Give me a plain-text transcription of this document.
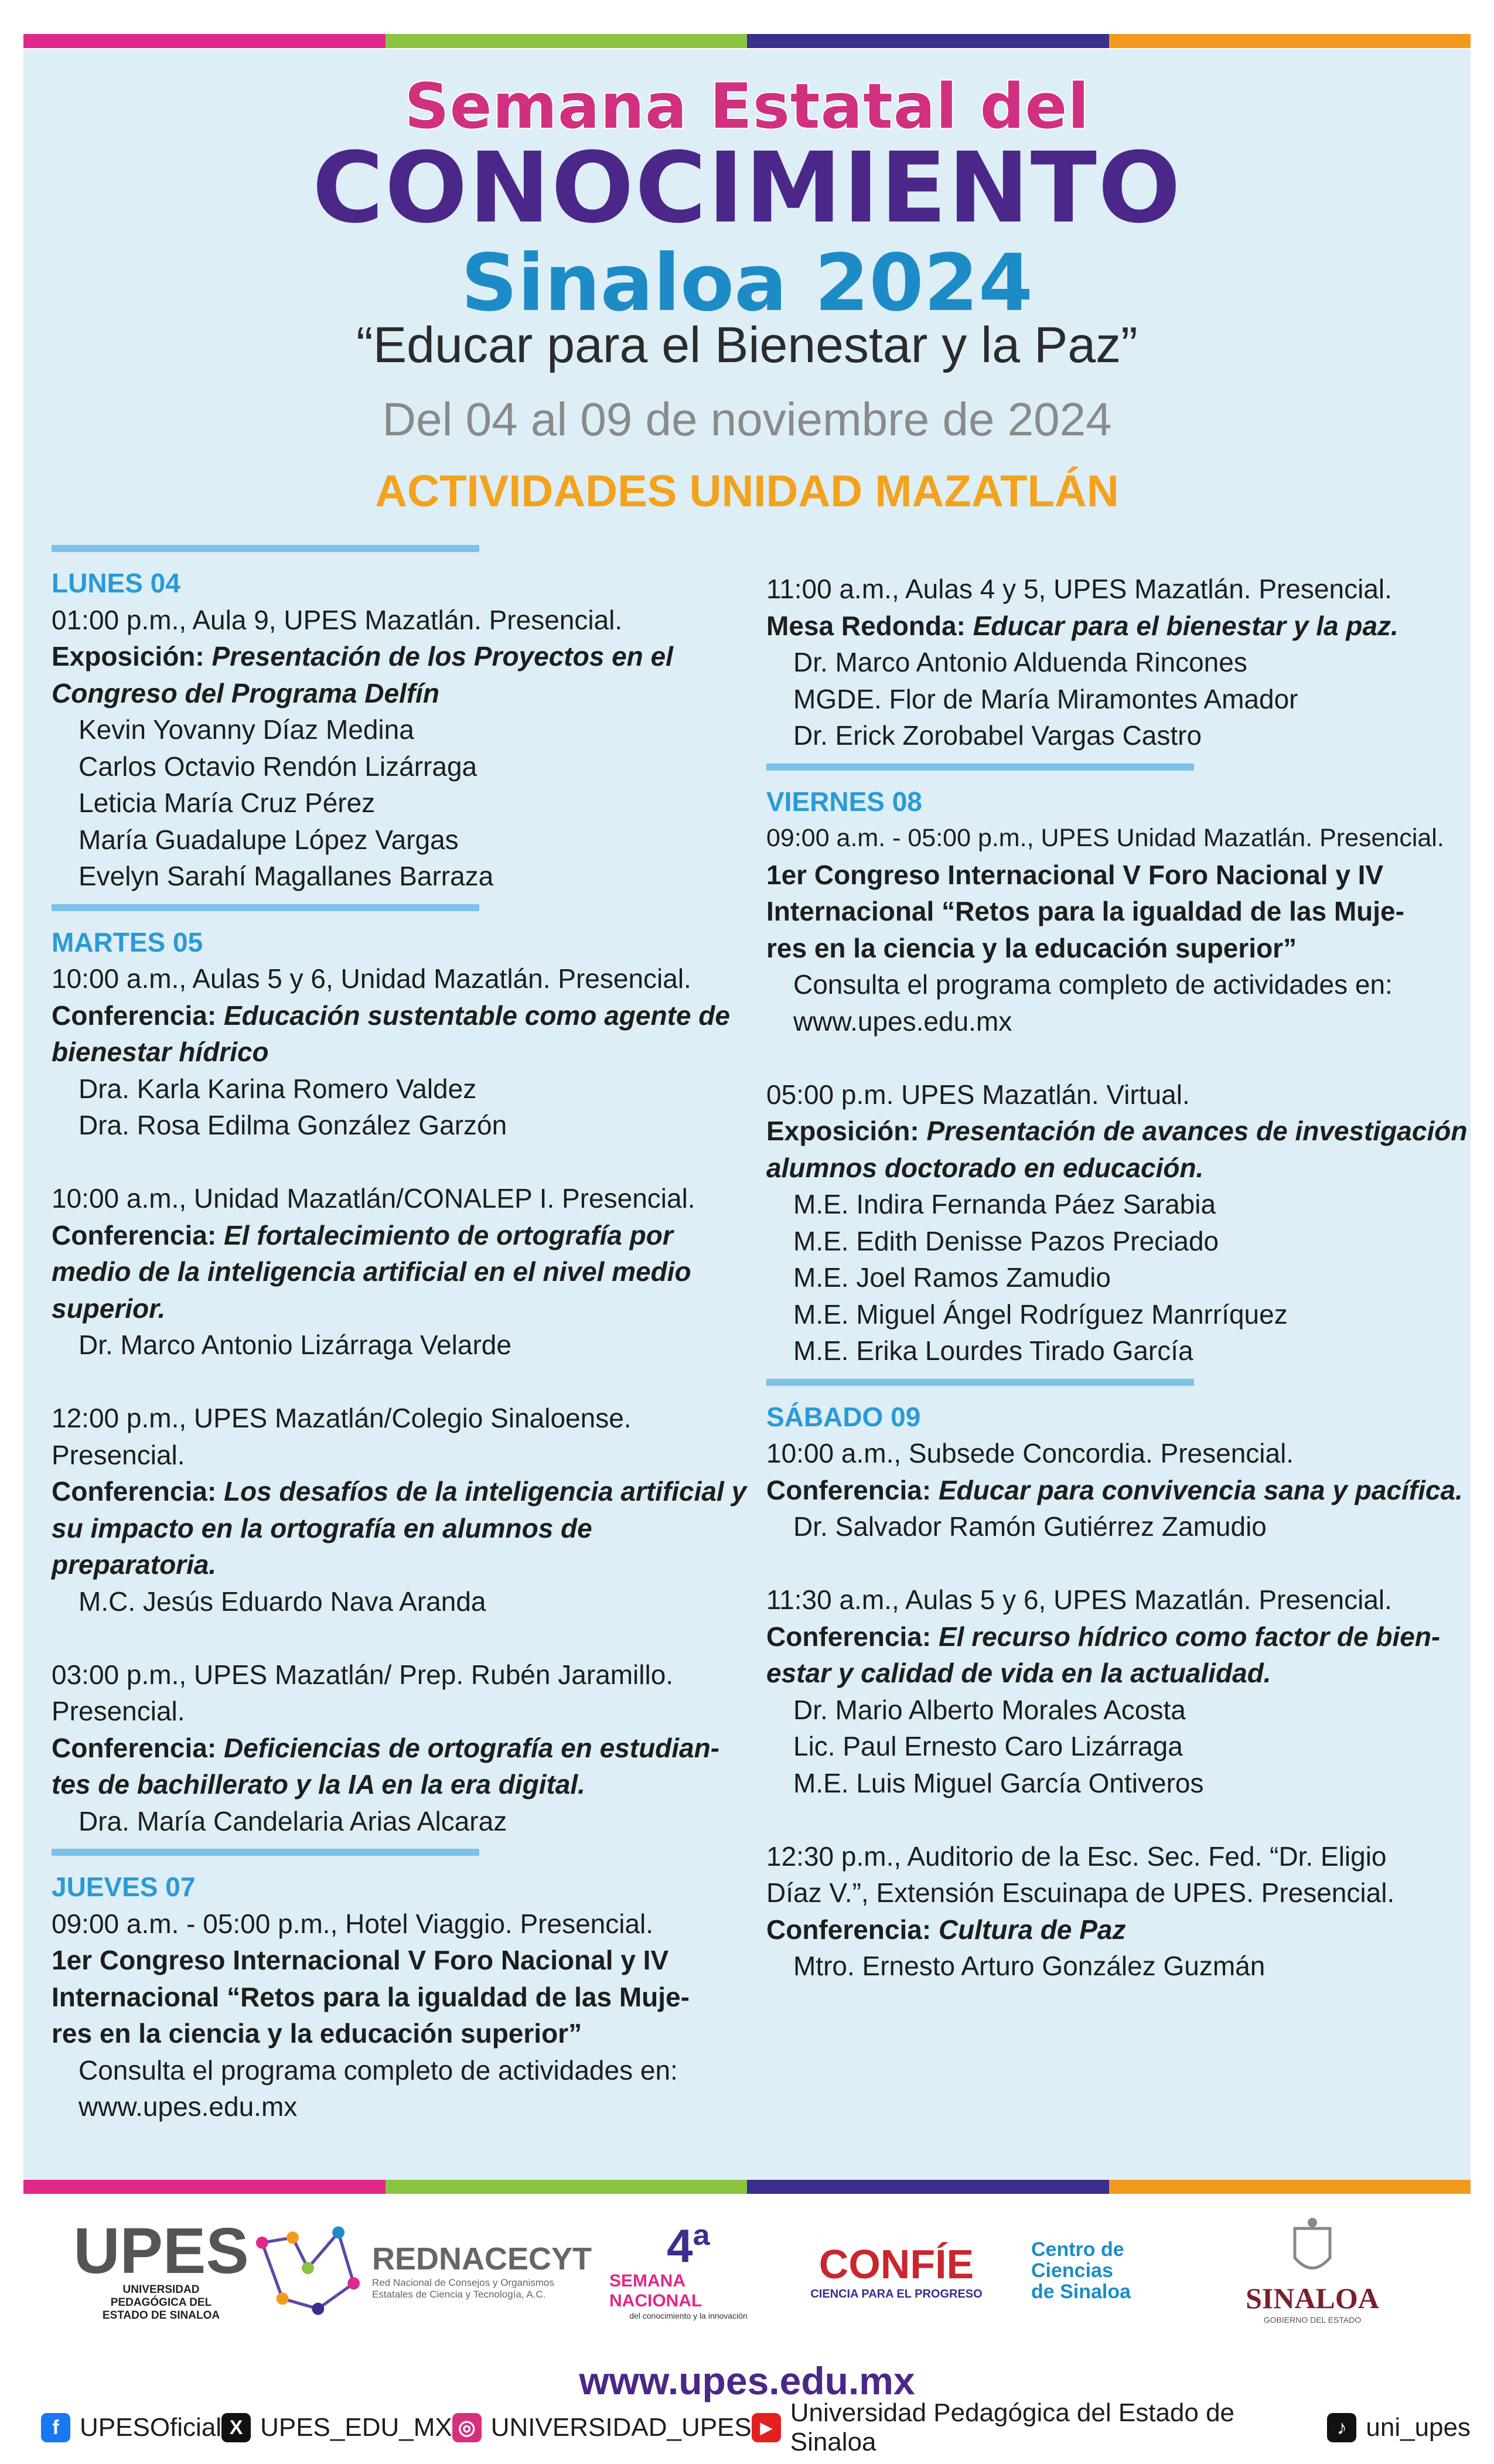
Semana Estatal del
CONOCIMIENTO
Sinaloa 2024
“Educar para el Bienestar y la Paz”
Del 04 al 09 de noviembre de 2024
ACTIVIDADES UNIDAD MAZATLÁN
LUNES 04
01:00 p.m., Aula 9, UPES Mazatlán. Presencial.
Exposición: Presentación de los Proyectos en el
Congreso del Programa Delfín
Kevin Yovanny Díaz Medina
Carlos Octavio Rendón Lizárraga
Leticia María Cruz Pérez
María Guadalupe López Vargas
Evelyn Sarahí Magallanes Barraza
MARTES 05
10:00 a.m., Aulas 5 y 6, Unidad Mazatlán. Presencial.
Conferencia: Educación sustentable como agente de
bienestar hídrico
Dra. Karla Karina Romero Valdez
Dra. Rosa Edilma González Garzón
10:00 a.m., Unidad Mazatlán/CONALEP I. Presencial.
Conferencia: El fortalecimiento de ortografía por
medio de la inteligencia artificial en el nivel medio
superior.
Dr. Marco Antonio Lizárraga Velarde
12:00 p.m., UPES Mazatlán/Colegio Sinaloense.
Presencial.
Conferencia: Los desafíos de la inteligencia artificial y
su impacto en la ortografía en alumnos de preparatoria.
M.C. Jesús Eduardo Nava Aranda
03:00 p.m., UPES Mazatlán/ Prep. Rubén Jaramillo.
Presencial.
Conferencia: Deficiencias de ortografía en estudian-
tes de bachillerato y la IA en la era digital.
Dra. María Candelaria Arias Alcaraz
JUEVES 07
09:00 a.m. - 05:00 p.m., Hotel Viaggio. Presencial.
1er Congreso Internacional V Foro Nacional y IV
Internacional “Retos para la igualdad de las Muje-
res en la ciencia y la educación superior”
Consulta el programa completo de actividades en:
www.upes.edu.mx
11:00 a.m., Aulas 4 y 5, UPES Mazatlán. Presencial.
Mesa Redonda: Educar para el bienestar y la paz.
Dr. Marco Antonio Alduenda Rincones
MGDE. Flor de María Miramontes Amador
Dr. Erick Zorobabel Vargas Castro
VIERNES 08
09:00 a.m. - 05:00 p.m., UPES Unidad Mazatlán. Presencial.
1er Congreso Internacional V Foro Nacional y IV
Internacional “Retos para la igualdad de las Muje-
res en la ciencia y la educación superior”
Consulta el programa completo de actividades en:
www.upes.edu.mx
05:00 p.m. UPES Mazatlán. Virtual.
Exposición: Presentación de avances de investigación
alumnos doctorado en educación.
M.E. Indira Fernanda Páez Sarabia
M.E. Edith Denisse Pazos Preciado
M.E. Joel Ramos Zamudio
M.E. Miguel Ángel Rodríguez Manrríquez
M.E. Erika Lourdes Tirado García
SÁBADO 09
10:00 a.m., Subsede Concordia. Presencial.
Conferencia: Educar para convivencia sana y pacífica.
Dr. Salvador Ramón Gutiérrez Zamudio
11:30 a.m., Aulas 5 y 6, UPES Mazatlán. Presencial.
Conferencia: El recurso hídrico como factor de bien-
estar y calidad de vida en la actualidad.
Dr. Mario Alberto Morales Acosta
Lic. Paul Ernesto Caro Lizárraga
M.E. Luis Miguel García Ontiveros
12:30 p.m., Auditorio de la Esc. Sec. Fed. “Dr. Eligio
Díaz V.”, Extensión Escuinapa de UPES. Presencial.
Conferencia: Cultura de Paz
Mtro. Ernesto Arturo González Guzmán
UPES
UNIVERSIDAD
PEDAGÓGICA DEL
ESTADO DE SINALOA
REDNACECYT
Red Nacional de Consejos y Organismos
Estatales de Ciencia y Tecnología, A.C.
4ª
SEMANA NACIONAL
del conocimiento y la innovación
CONFÍE
CIENCIA PARA EL PROGRESO
Centro de
Ciencias
de Sinaloa	SINALOA
GOBIERNO DEL ESTADO
www.upes.edu.mx
f UPESOficial X UPES_EDU_MX ◎ UNIVERSIDAD_UPES ▶
Universidad Pedagógica del Estado de Sinaloa
♪ uni_upes
